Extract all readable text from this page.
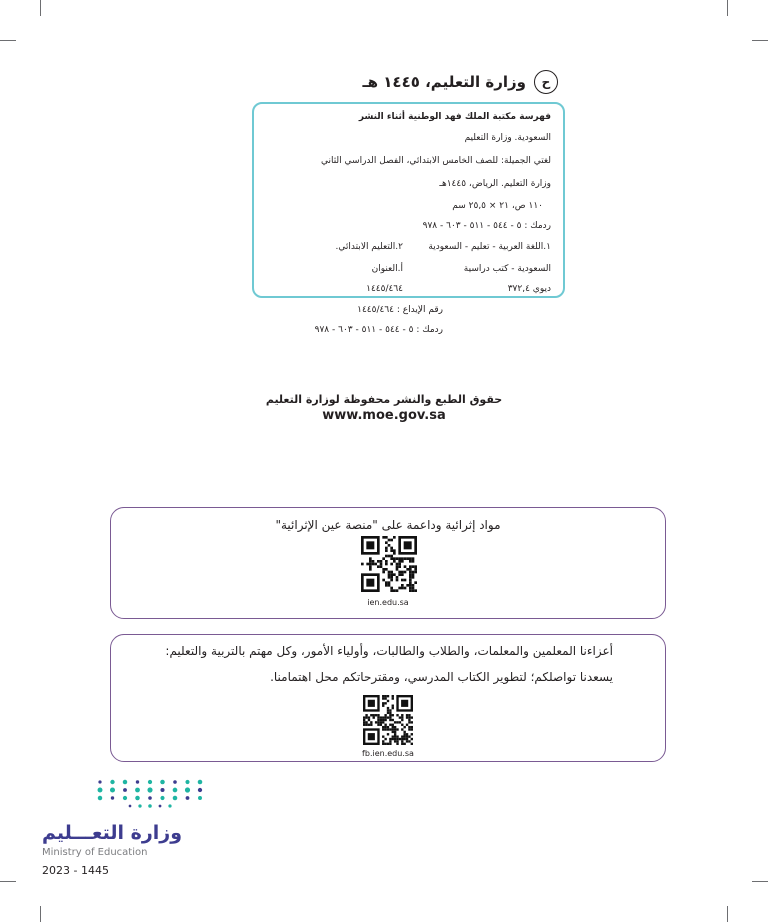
ح
وزارة التعليم، ١٤٤٥ هـ
فهرسة مكتبة الملك فهد الوطنية أثناء النشر
السعودية. وزارة التعليم
لغتي الجميلة: للصف الخامس الابتدائي، الفصل الدراسي الثاني
وزارة التعليم. الرياض، ١٤٤٥هـ
١١٠ ص، ٢١ × ٢٥,٥ سم
ردمك : ٥ - ٥٤٤ - ٥١١ - ٦٠٣ - ٩٧٨
١.اللغة العربية - تعليم - السعودية
٢.التعليم الابتدائي.
السعودية - كتب دراسية
أ.العنوان
ديوي ٣٧٢,٤
١٤٤٥/٤٦٤
رقم الإيداع : ١٤٤٥/٤٦٤
ردمك : ٥ - ٥٤٤ - ٥١١ - ٦٠٣ - ٩٧٨
حقوق الطبع والنشر محفوظة لوزارة التعليم
www.moe.gov.sa
مواد إثرائية وداعمة على "منصة عين الإثرائية"
ien.edu.sa
أعزاءنا المعلمين والمعلمات، والطلاب والطالبات، وأولياء الأمور، وكل مهتم بالتربية والتعليم:
يسعدنا تواصلكم؛ لتطوير الكتاب المدرسي، ومقترحاتكم محل اهتمامنا.
fb.ien.edu.sa
وزارة التعـــليم
Ministry of Education
2023 - 1445
